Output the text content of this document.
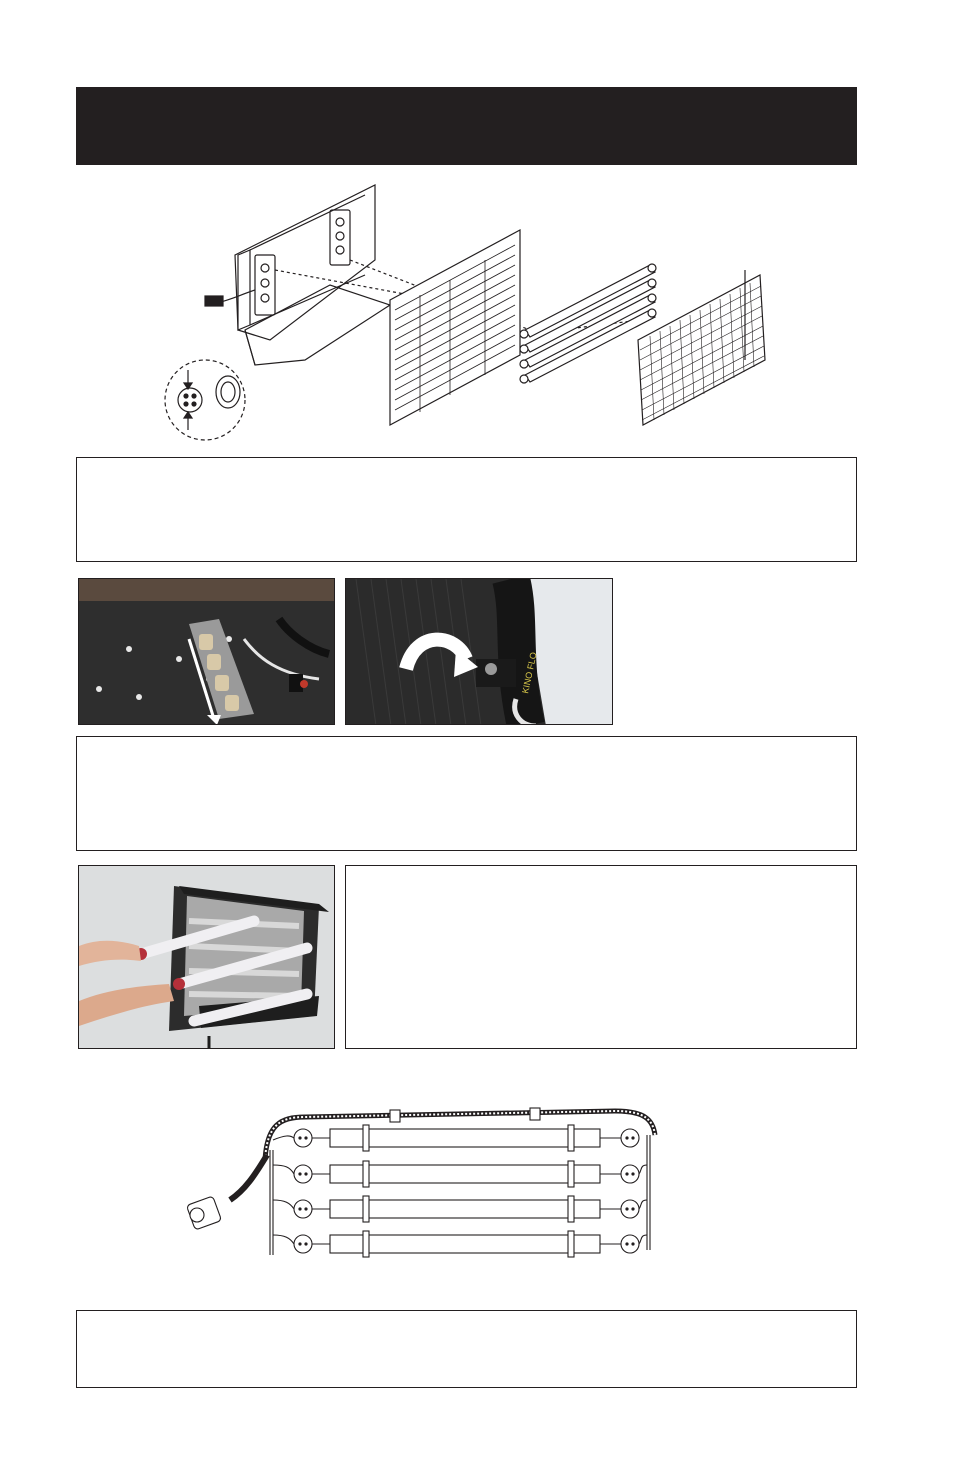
KINO FLO
